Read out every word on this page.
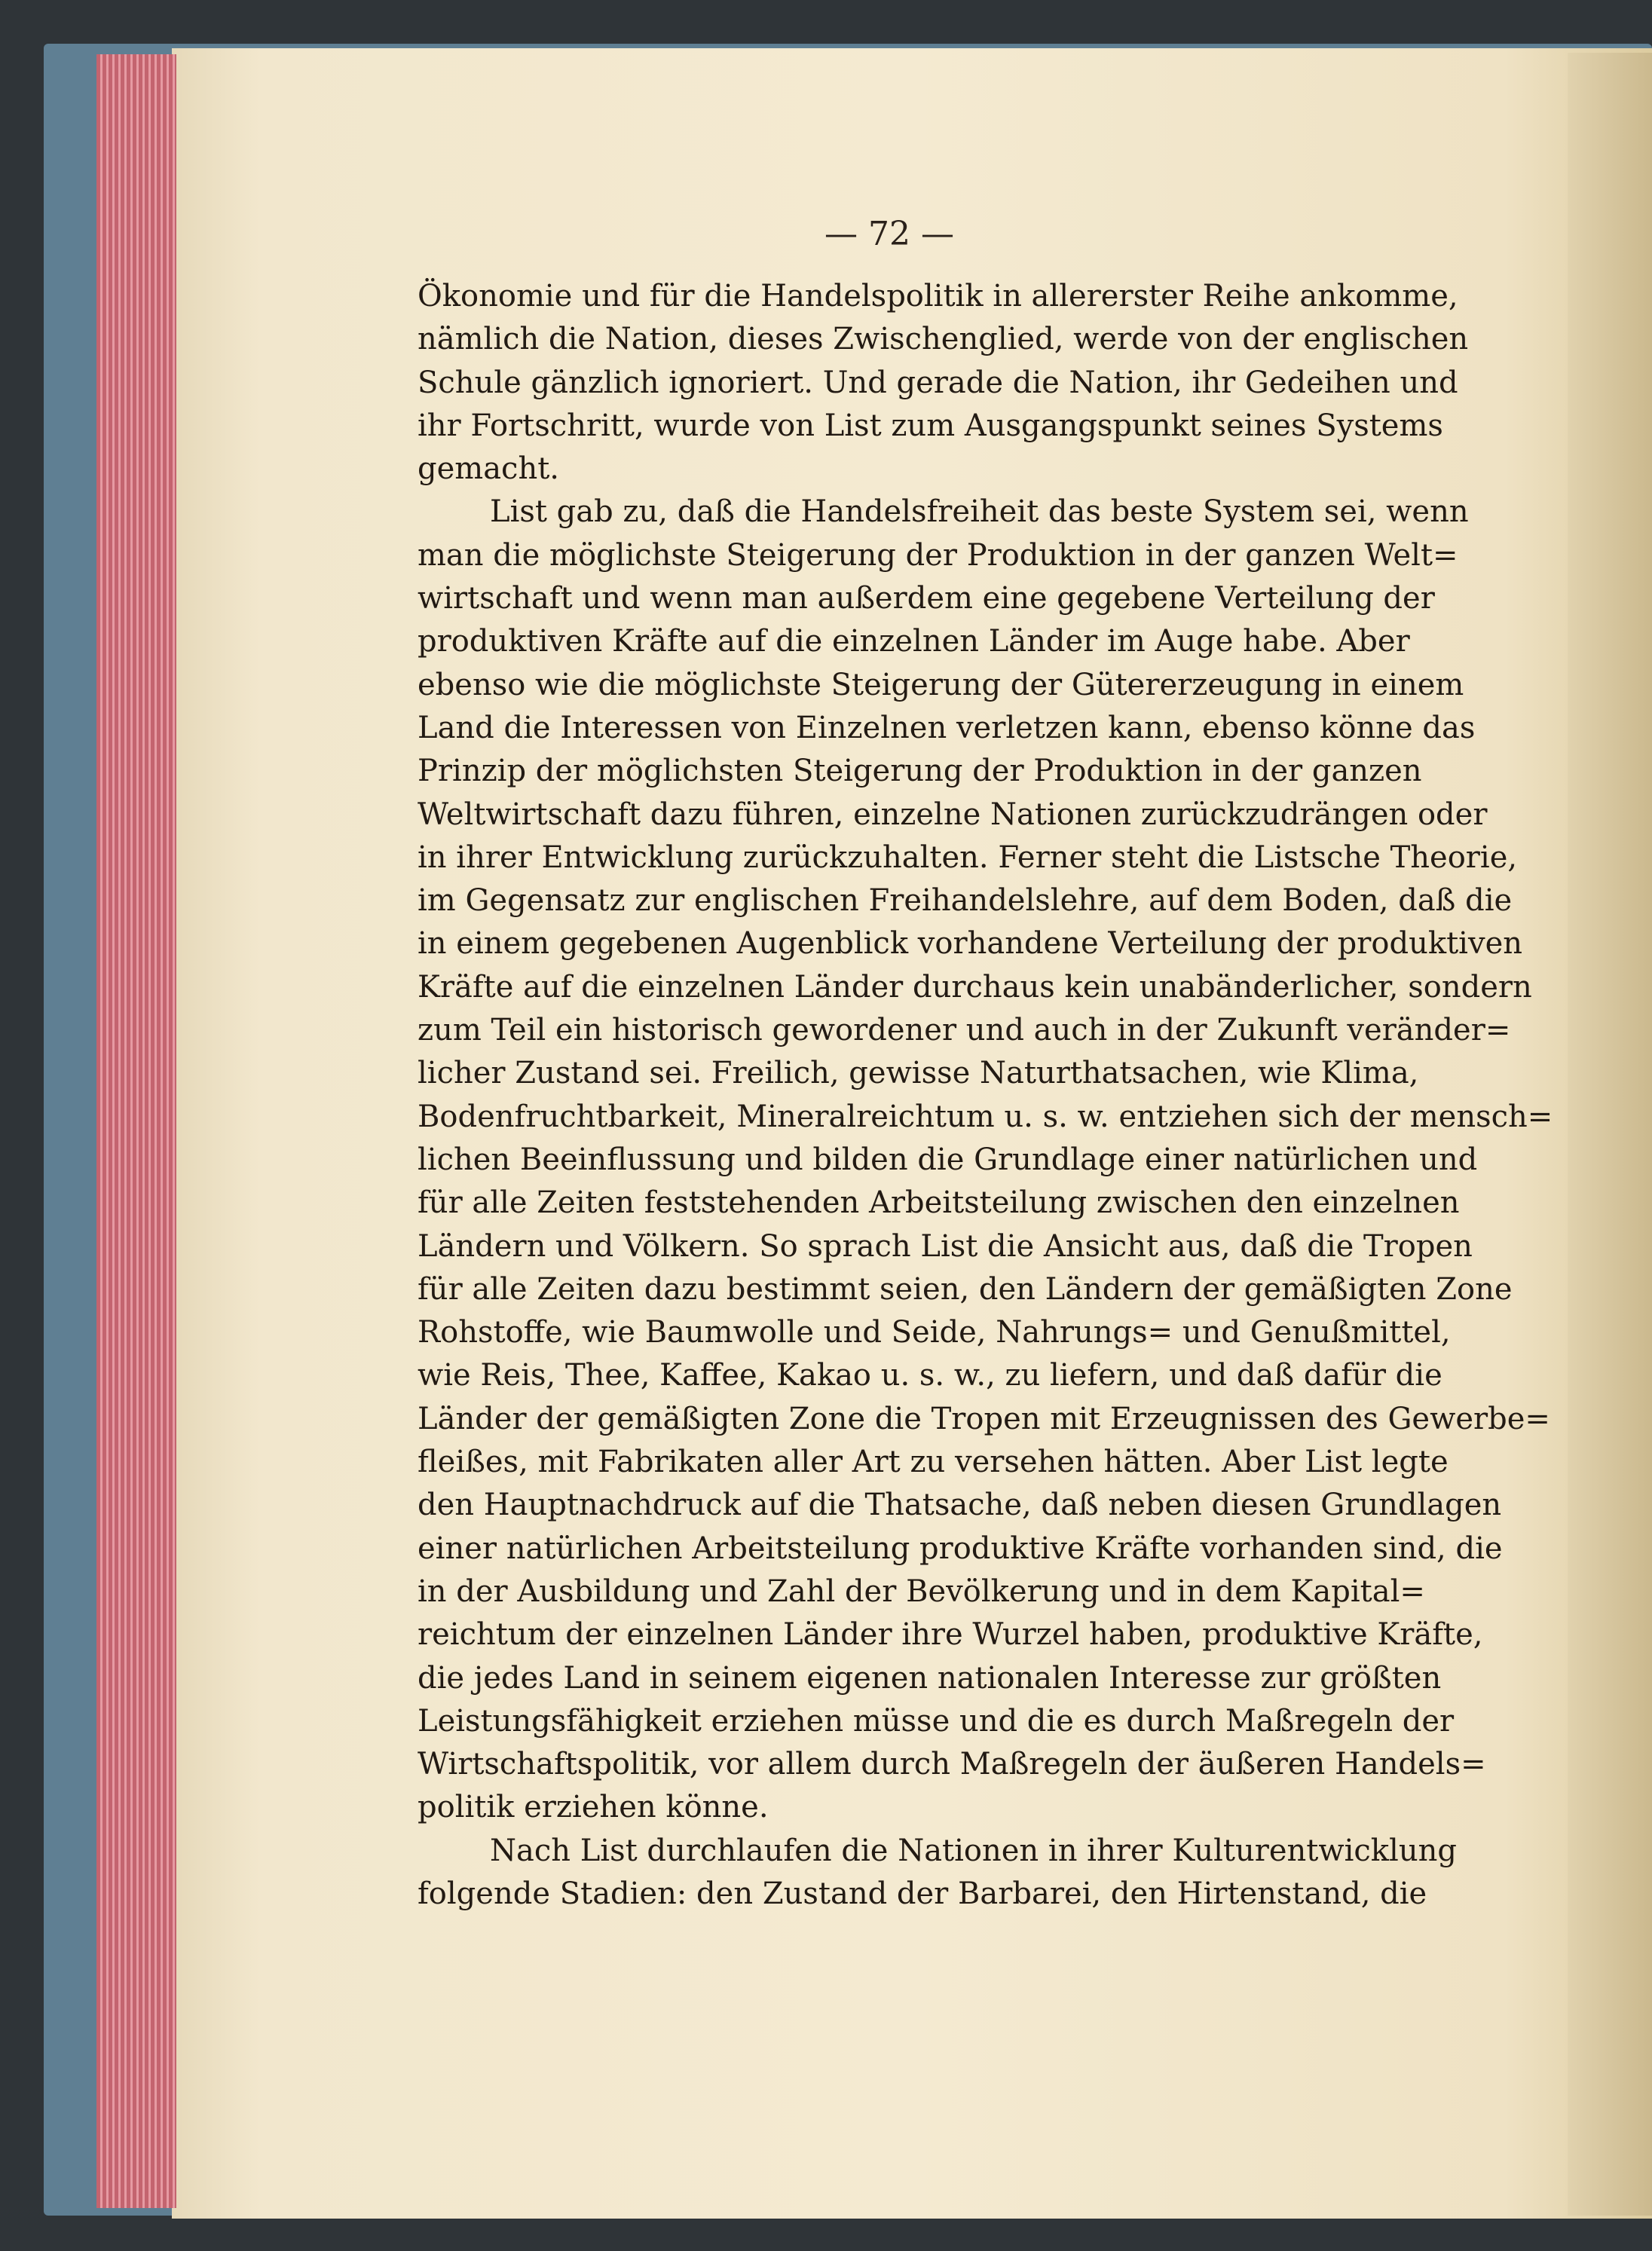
— 72 —
Ökonomie und für die Handelspolitik in allererster Reihe ankomme,
nämlich die Nation, dieses Zwischenglied, werde von der englischen
Schule gänzlich ignoriert. Und gerade die Nation, ihr Gedeihen und
ihr Fortschritt, wurde von List zum Ausgangspunkt seines Systems
gemacht.
List gab zu, daß die Handelsfreiheit das beste System sei, wenn
man die möglichste Steigerung der Produktion in der ganzen Welt=
wirtschaft und wenn man außerdem eine gegebene Verteilung der
produktiven Kräfte auf die einzelnen Länder im Auge habe. Aber
ebenso wie die möglichste Steigerung der Gütererzeugung in einem
Land die Interessen von Einzelnen verletzen kann, ebenso könne das
Prinzip der möglichsten Steigerung der Produktion in der ganzen
Weltwirtschaft dazu führen, einzelne Nationen zurückzudrängen oder
in ihrer Entwicklung zurückzuhalten. Ferner steht die Listsche Theorie,
im Gegensatz zur englischen Freihandelslehre, auf dem Boden, daß die
in einem gegebenen Augenblick vorhandene Verteilung der produktiven
Kräfte auf die einzelnen Länder durchaus kein unabänderlicher, sondern
zum Teil ein historisch gewordener und auch in der Zukunft veränder=
licher Zustand sei. Freilich, gewisse Naturthatsachen, wie Klima,
Bodenfruchtbarkeit, Mineralreichtum u. s. w. entziehen sich der mensch=
lichen Beeinflussung und bilden die Grundlage einer natürlichen und
für alle Zeiten feststehenden Arbeitsteilung zwischen den einzelnen
Ländern und Völkern. So sprach List die Ansicht aus, daß die Tropen
für alle Zeiten dazu bestimmt seien, den Ländern der gemäßigten Zone
Rohstoffe, wie Baumwolle und Seide, Nahrungs= und Genußmittel,
wie Reis, Thee, Kaffee, Kakao u. s. w., zu liefern, und daß dafür die
Länder der gemäßigten Zone die Tropen mit Erzeugnissen des Gewerbe=
fleißes, mit Fabrikaten aller Art zu versehen hätten. Aber List legte
den Hauptnachdruck auf die Thatsache, daß neben diesen Grundlagen
einer natürlichen Arbeitsteilung produktive Kräfte vorhanden sind, die
in der Ausbildung und Zahl der Bevölkerung und in dem Kapital=
reichtum der einzelnen Länder ihre Wurzel haben, produktive Kräfte,
die jedes Land in seinem eigenen nationalen Interesse zur größten
Leistungsfähigkeit erziehen müsse und die es durch Maßregeln der
Wirtschaftspolitik, vor allem durch Maßregeln der äußeren Handels=
politik erziehen könne.
Nach List durchlaufen die Nationen in ihrer Kulturentwicklung
folgende Stadien: den Zustand der Barbarei, den Hirtenstand, die
